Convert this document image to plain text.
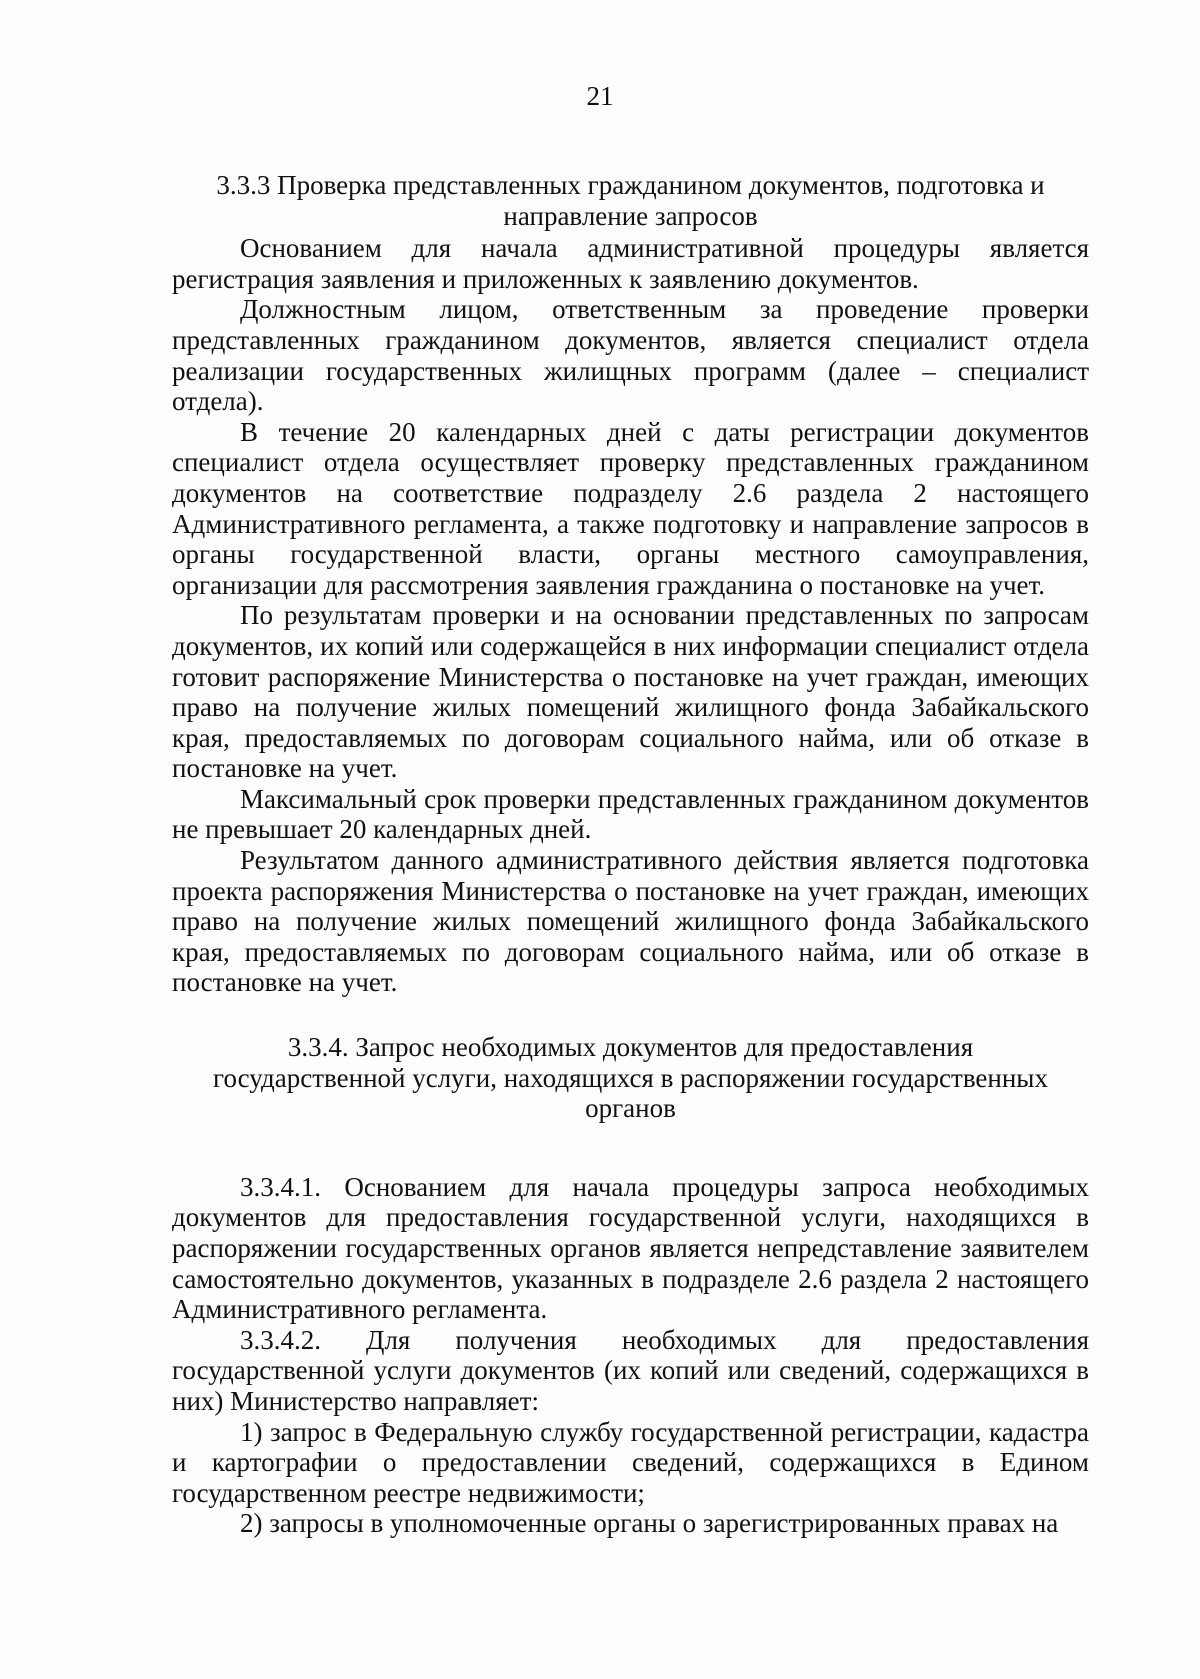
21

3.3.3 Проверка представленных гражданином документов, подготовка и направление запросов

Основанием для начала административной процедуры является регистрация заявления и приложенных к заявлению документов.

Должностным лицом, ответственным за проведение проверки представленных гражданином документов, является специалист отдела реализации государственных жилищных программ (далее – специалист отдела).

В течение 20 календарных дней с даты регистрации документов специалист отдела осуществляет проверку представленных гражданином документов на соответствие подразделу 2.6 раздела 2 настоящего Административного регламента, а также подготовку и направление запросов в органы государственной власти, органы местного самоуправления, организации для рассмотрения заявления гражданина о постановке на учет.

По результатам проверки и на основании представленных по запросам документов, их копий или содержащейся в них информации специалист отдела готовит распоряжение Министерства о постановке на учет граждан, имеющих право на получение жилых помещений жилищного фонда Забайкальского края, предоставляемых по договорам социального найма, или об отказе в постановке на учет.

Максимальный срок проверки представленных гражданином документов не превышает 20 календарных дней.

Результатом данного административного действия является подготовка проекта распоряжения Министерства о постановке на учет граждан, имеющих право на получение жилых помещений жилищного фонда Забайкальского края, предоставляемых по договорам социального найма, или об отказе в постановке на учет.

3.3.4. Запрос необходимых документов для предоставления государственной услуги, находящихся в распоряжении государственных органов

3.3.4.1. Основанием для начала процедуры запроса необходимых документов для предоставления государственной услуги, находящихся в распоряжении государственных органов является непредставление заявителем самостоятельно документов, указанных в подразделе 2.6 раздела 2 настоящего Административного регламента.

3.3.4.2. Для получения необходимых для предоставления государственной услуги документов (их копий или сведений, содержащихся в них) Министерство направляет:

1) запрос в Федеральную службу государственной регистрации, кадастра и картографии о предоставлении сведений, содержащихся в Едином государственном реестре недвижимости;

2) запросы в уполномоченные органы о зарегистрированных правах на
